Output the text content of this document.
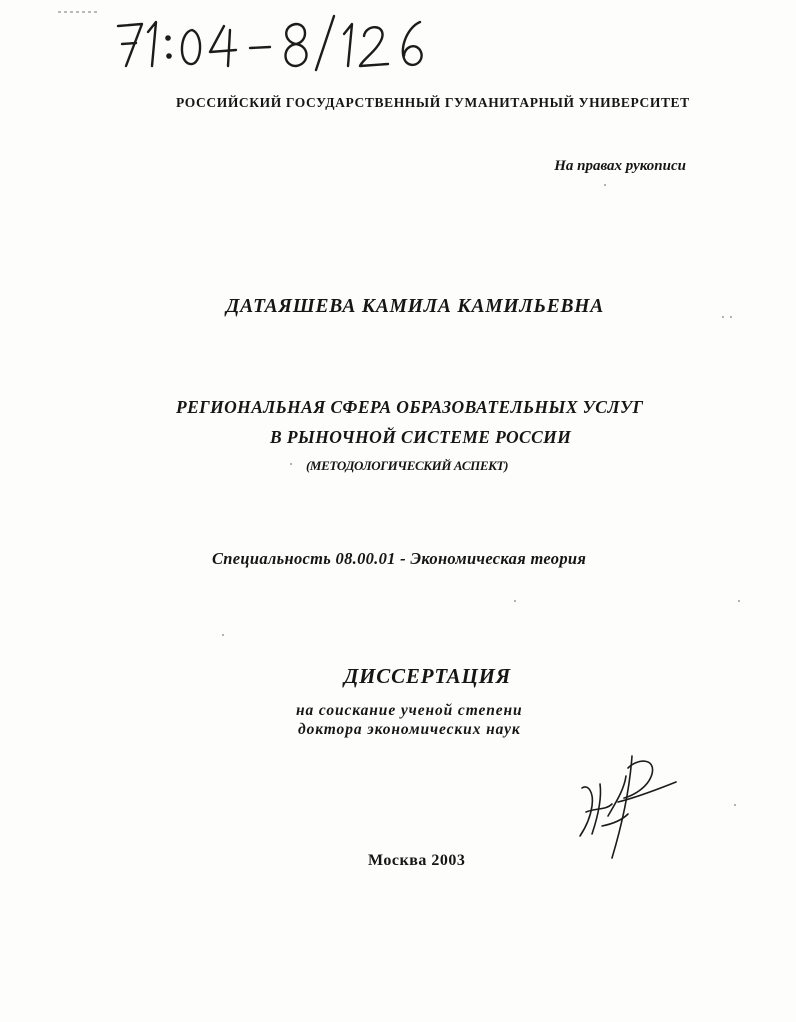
РОССИЙСКИЙ ГОСУДАРСТВЕННЫЙ ГУМАНИТАРНЫЙ УНИВЕРСИТЕТ
На правах рукописи
ДАТАЯШЕВА КАМИЛА КАМИЛЬЕВНА
РЕГИОНАЛЬНАЯ СФЕРА ОБРАЗОВАТЕЛЬНЫХ УСЛУГ
В РЫНОЧНОЙ СИСТЕМЕ РОССИИ
(МЕТОДОЛОГИЧЕСКИЙ АСПЕКТ)
Специальность 08.00.01 - Экономическая теория
ДИССЕРТАЦИЯ
на соискание ученой степени
доктора экономических наук
Москва 2003
